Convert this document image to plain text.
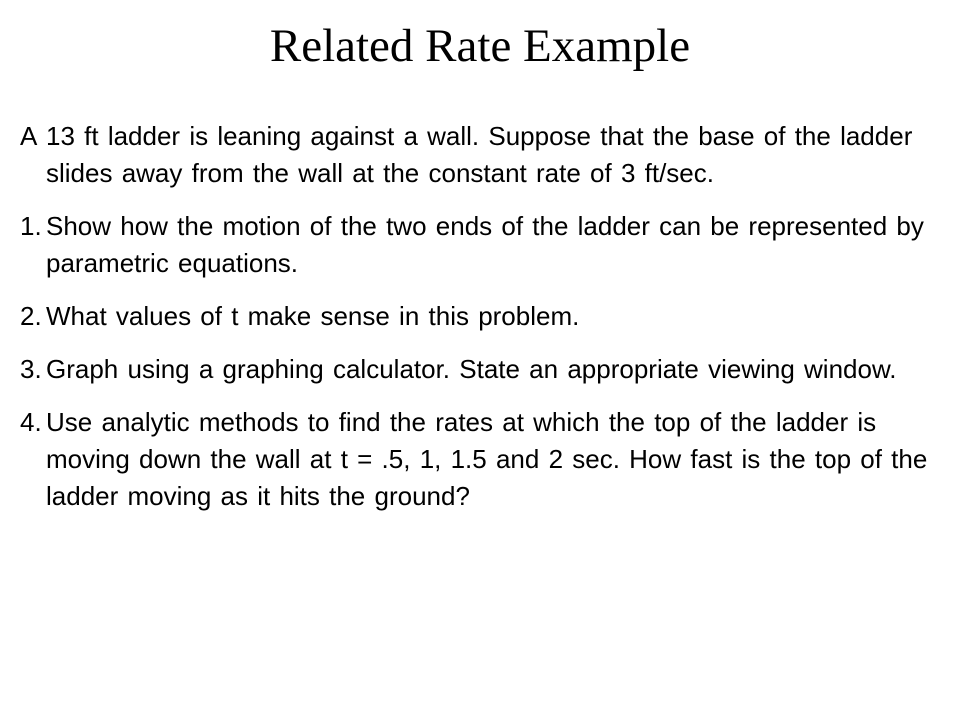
Related Rate Example
A 13 ft ladder is leaning against a wall. Suppose that the base of the ladder slides away from the wall at the constant rate of 3 ft/sec.
1. Show how the motion of the two ends of the ladder can be represented by parametric equations.
2. What values of t make sense in this problem.
3. Graph using a graphing calculator. State an appropriate viewing window.
4. Use analytic methods to find the rates at which the top of the ladder is moving down the wall at t = .5, 1, 1.5 and 2 sec. How fast is the top of the ladder moving as it hits the ground?
